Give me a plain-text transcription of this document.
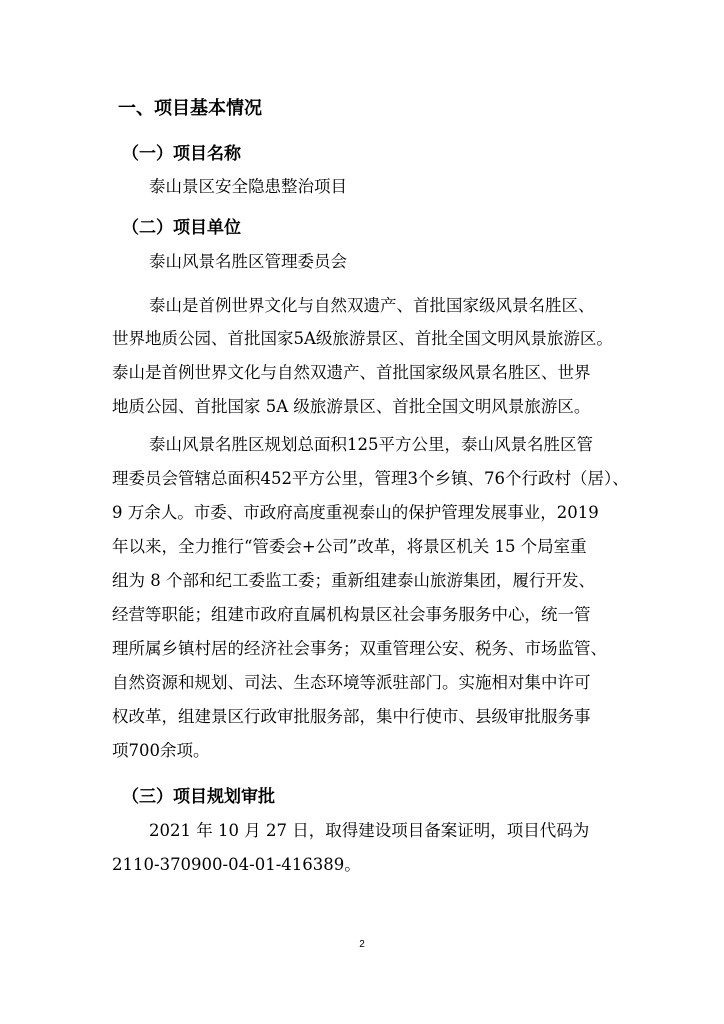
一、项目基本情况
（一）项目名称
泰山景区安全隐患整治项目
（二）项目单位
泰山风景名胜区管理委员会
泰山是首例世界文化与自然双遗产、首批国家级风景名胜区、
世界地质公园、首批国家5A级旅游景区、首批全国文明风景旅游区。
泰山是首例世界文化与自然双遗产、首批国家级风景名胜区、世界
地质公园、首批国家 5A 级旅游景区、首批全国文明风景旅游区。
泰山风景名胜区规划总面积125平方公里，泰山风景名胜区管
理委员会管辖总面积452平方公里，管理3个乡镇、76个行政村（居）、
9 万余人。市委、市政府高度重视泰山的保护管理发展事业，2019
年以来，全力推行“管委会+公司”改革，将景区机关 15 个局室重
组为 8 个部和纪工委监工委；重新组建泰山旅游集团，履行开发、
经营等职能；组建市政府直属机构景区社会事务服务中心，统一管
理所属乡镇村居的经济社会事务；双重管理公安、税务、市场监管、
自然资源和规划、司法、生态环境等派驻部门。实施相对集中许可
权改革，组建景区行政审批服务部，集中行使市、县级审批服务事
项700余项。
（三）项目规划审批
2021 年 10 月 27 日，取得建设项目备案证明，项目代码为
2110-370900-04-01-416389。
2
